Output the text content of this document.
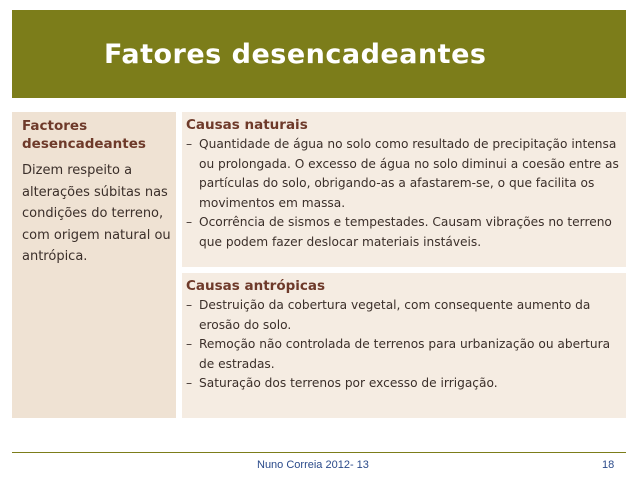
Fatores desencadeantes

Factores
desencadeantes

Dizem respeito a
alterações súbitas nas
condições do terreno,
com origem natural ou
antrópica.

Causas naturais
– Quantidade de água no solo como resultado de precipitação intensa ou prolongada. O excesso de água no solo diminui a coesão entre as partículas do solo, obrigando-as a afastarem-se, o que facilita os movimentos em massa.
– Ocorrência de sismos e tempestades. Causam vibrações no terreno que podem fazer deslocar materiais instáveis.
Causas antrópicas
– Destruição da cobertura vegetal, com consequente aumento da erosão do solo.
– Remoção não controlada de terrenos para urbanização ou abertura de estradas.
– Saturação dos terrenos por excesso de irrigação.
Nuno Correia 2012- 13	18
